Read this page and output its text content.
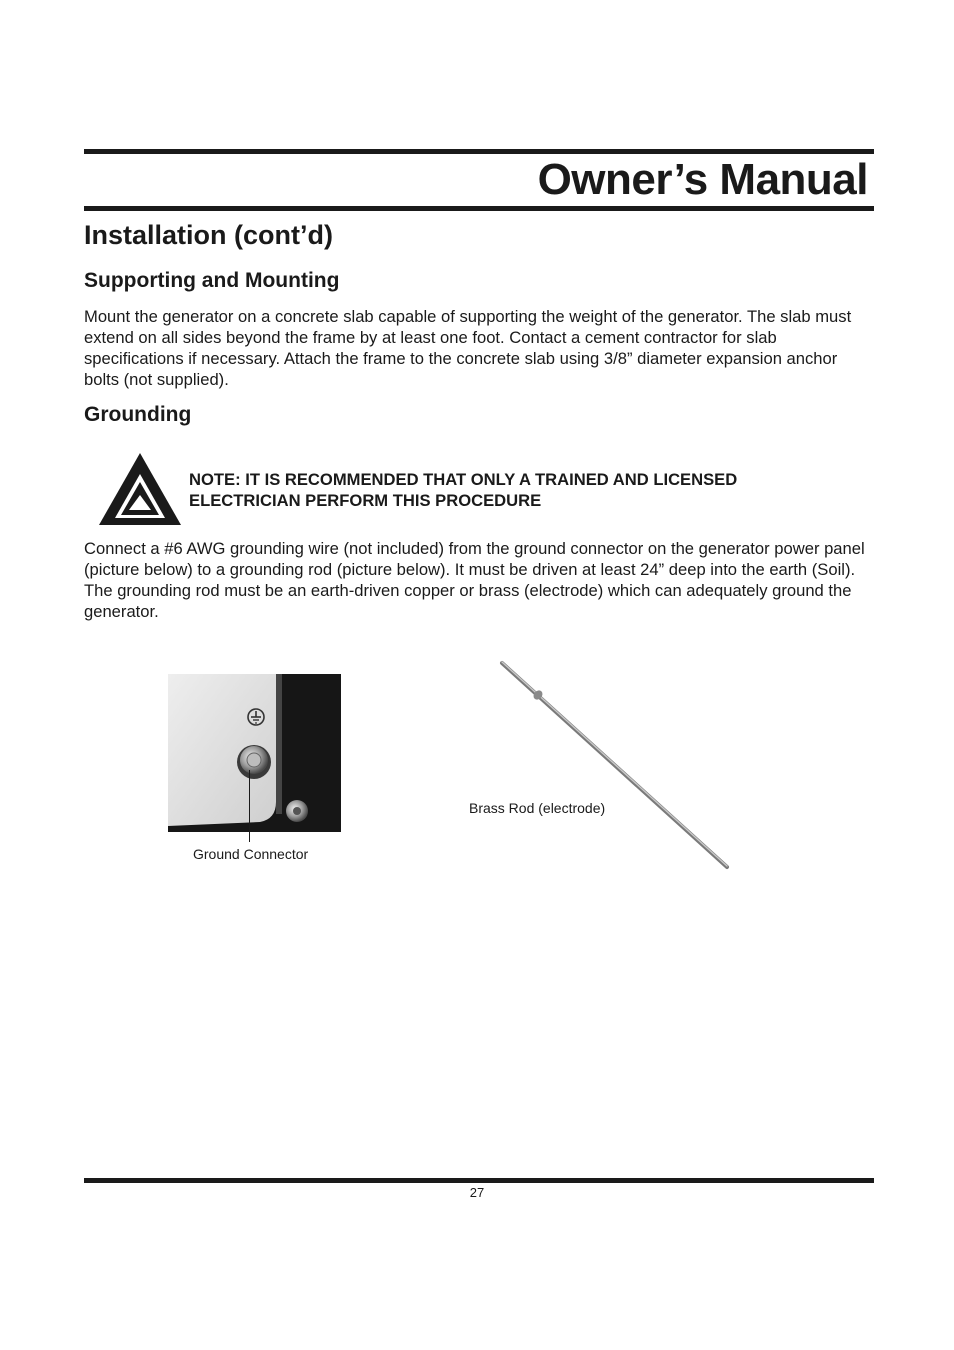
Owner’s Manual
Installation (cont’d)
Supporting and Mounting

Mount the generator on a concrete slab capable of supporting the weight of the generator. The slab must extend on all sides beyond the frame by at least one foot. Contact a cement contractor for slab specifications if necessary. Attach the frame to the concrete slab using 3/8” diameter expansion anchor bolts (not supplied).

Grounding

NOTE: IT IS RECOMMENDED THAT ONLY A TRAINED AND LICENSED
ELECTRICIAN PERFORM THIS PROCEDURE

Connect a #6 AWG grounding wire (not included) from the ground connector on the generator power panel (picture below) to a grounding rod (picture below). It must be driven at least 24” deep into the earth (Soil). The grounding rod must be an earth-driven copper or brass (electrode) which can adequately ground the generator.

Ground Connector

Brass Rod (electrode)

27
